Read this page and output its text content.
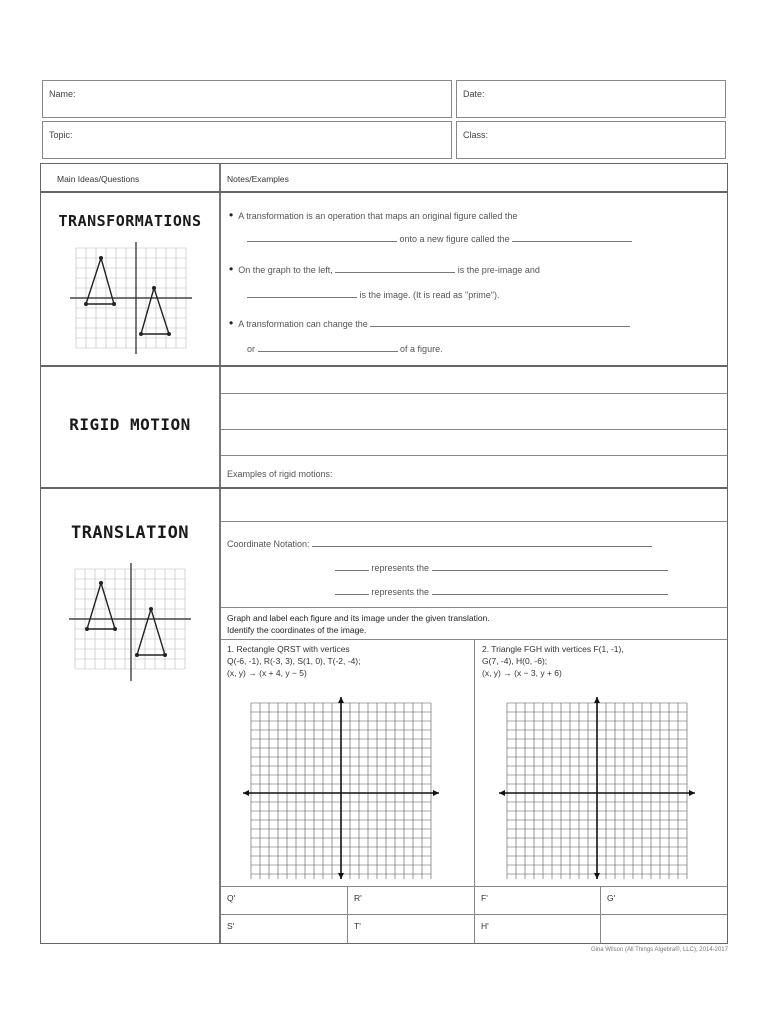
Name:	Date:
Topic:	Class:
Main Ideas/Questions	Notes/Examples
TRANSFORMATIONS	• A transformation is an operation that maps an original figure called the
onto a new figure called the
• On the graph to the left,	is the pre-image and
is the image. (It is read as "prime").
• A transformation can change the
or	of a figure.
RIGID MOTION
Examples of rigid motions:
TRANSLATION
Coordinate Notation:
represents the
represents the
Graph and label each figure and its image under the given translation.
Identify the coordinates of the image.
1. Rectangle QRST with vertices
Q(-6, -1), R(-3, 3), S(1, 0), T(-2, -4);
(x, y) → (x + 4, y − 5)
2. Triangle FGH with vertices F(1, -1),
G(7, -4), H(0, -6);
(x, y) → (x − 3, y + 6)
Q'	R'	F'	G'
S'	T'	H'
Gina Wilson (All Things Algebra®, LLC), 2014-2017
